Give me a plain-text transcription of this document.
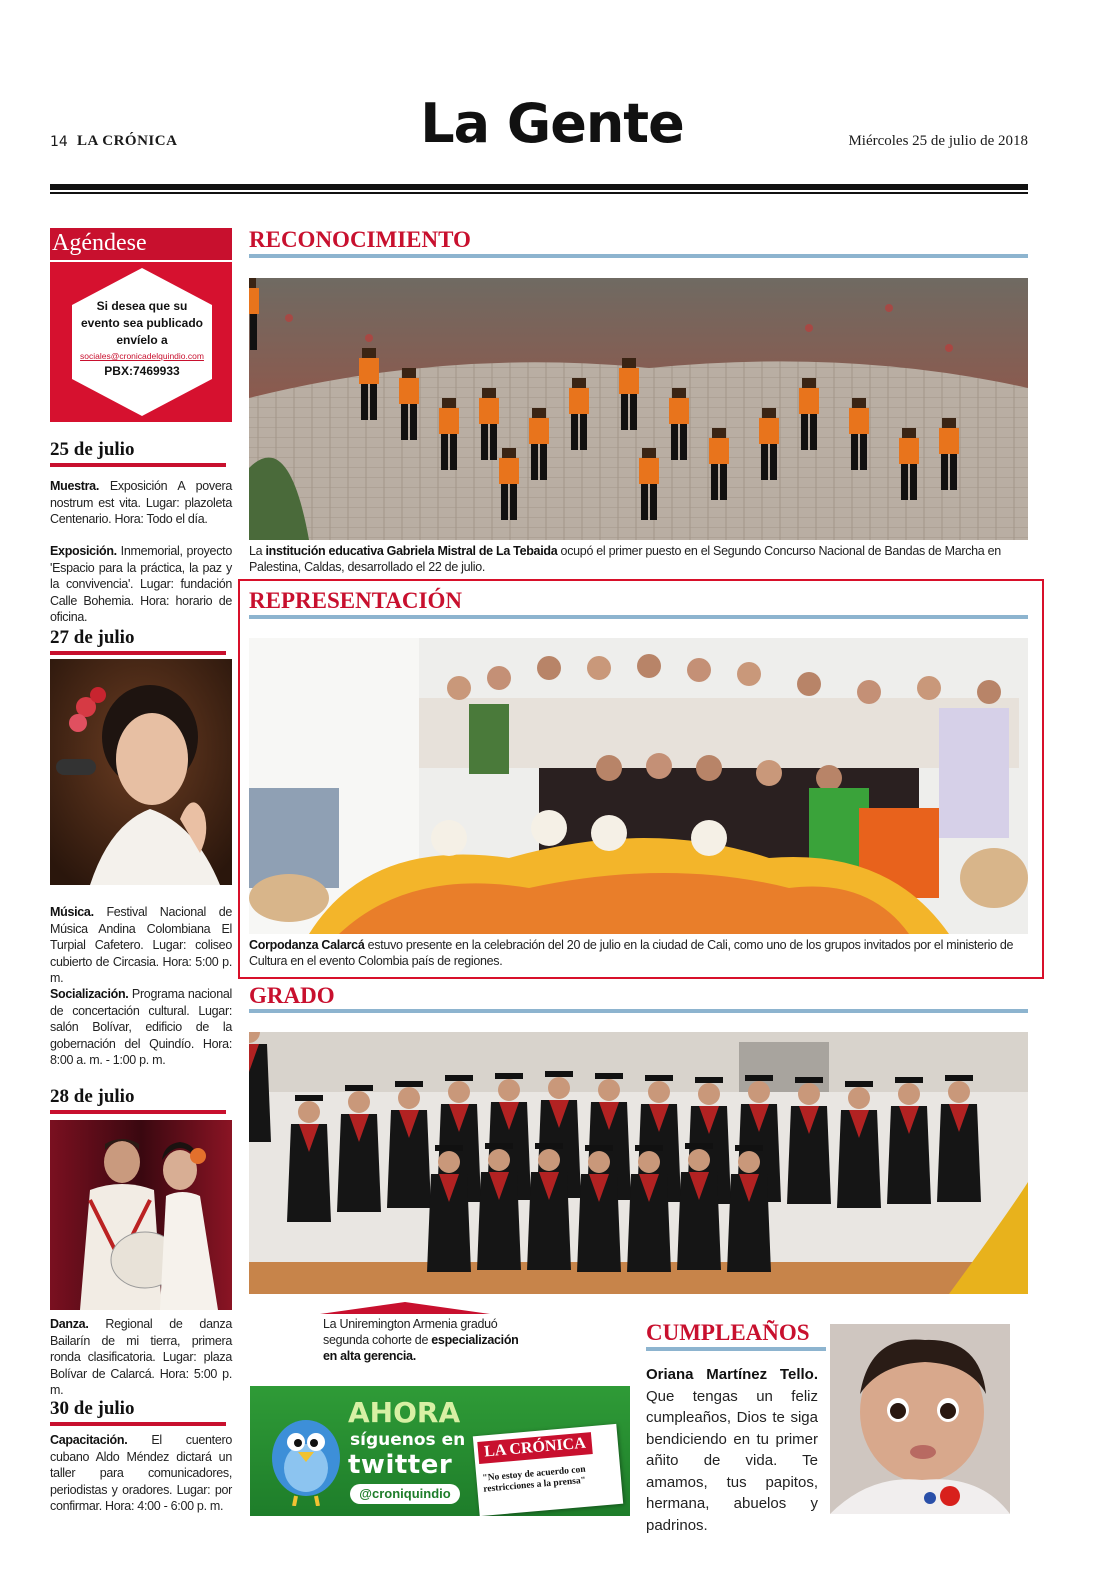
14 LA CRÓNICA	La Gente	Miércoles 25 de julio de 2018
Agéndese
Si desea que su
evento sea publicado
envíelo a
sociales@cronicadelquindio.com
PBX:7469933
25 de julio
Muestra. Exposición A povera nostrum est vita. Lugar: plazoleta Centenario. Hora: Todo el día.
Exposición. Inmemorial, proyecto 'Espacio para la práctica, la paz y la convivencia'. Lugar: fundación Calle Bohemia. Hora: horario de oficina.
27 de julio
Música. Festival Nacional de Música Andina Colombiana El Turpial Cafetero. Lugar: coliseo cubierto de Circasia. Hora: 5:00 p. m.
Socialización. Programa nacional de concertación cultural. Lugar: salón Bolívar, edificio de la gobernación del Quindío. Hora: 8:00 a. m. - 1:00 p. m.
28 de julio
Danza. Regional de danza Bailarín de mi tierra, primera ronda clasificatoria. Lugar: plaza Bolívar de Calarcá. Hora: 5:00 p. m.
30 de julio
Capacitación. El cuentero cubano Aldo Méndez dictará un taller para comunicadores, periodistas y oradores. Lugar: por confirmar. Hora: 4:00 - 6:00 p. m.
RECONOCIMIENTO
La institución educativa Gabriela Mistral de La Tebaida ocupó el primer puesto en el Segundo Concurso Nacional de Bandas de Marcha en Palestina, Caldas, desarrollado el 22 de julio.
REPRESENTACIÓN
Corpodanza Calarcá estuvo presente en la celebración del 20 de julio en la ciudad de Cali, como uno de los grupos invitados por el ministerio de Cultura en el evento Colombia país de regiones.
GRADO
La Uniremington Armenia graduó segunda cohorte de especialización en alta gerencia.
AHORA
síguenos en
twitter
@croniquindio
LA CRÓNICA
"No estoy de acuerdo con restricciones a la prensa"
CUMPLEAÑOS
Oriana Martínez Tello. Que tengas un feliz cumpleaños, Dios te siga bendiciendo en tu primer añito de vida. Te amamos, tus papitos, hermana, abuelos y padrinos.
